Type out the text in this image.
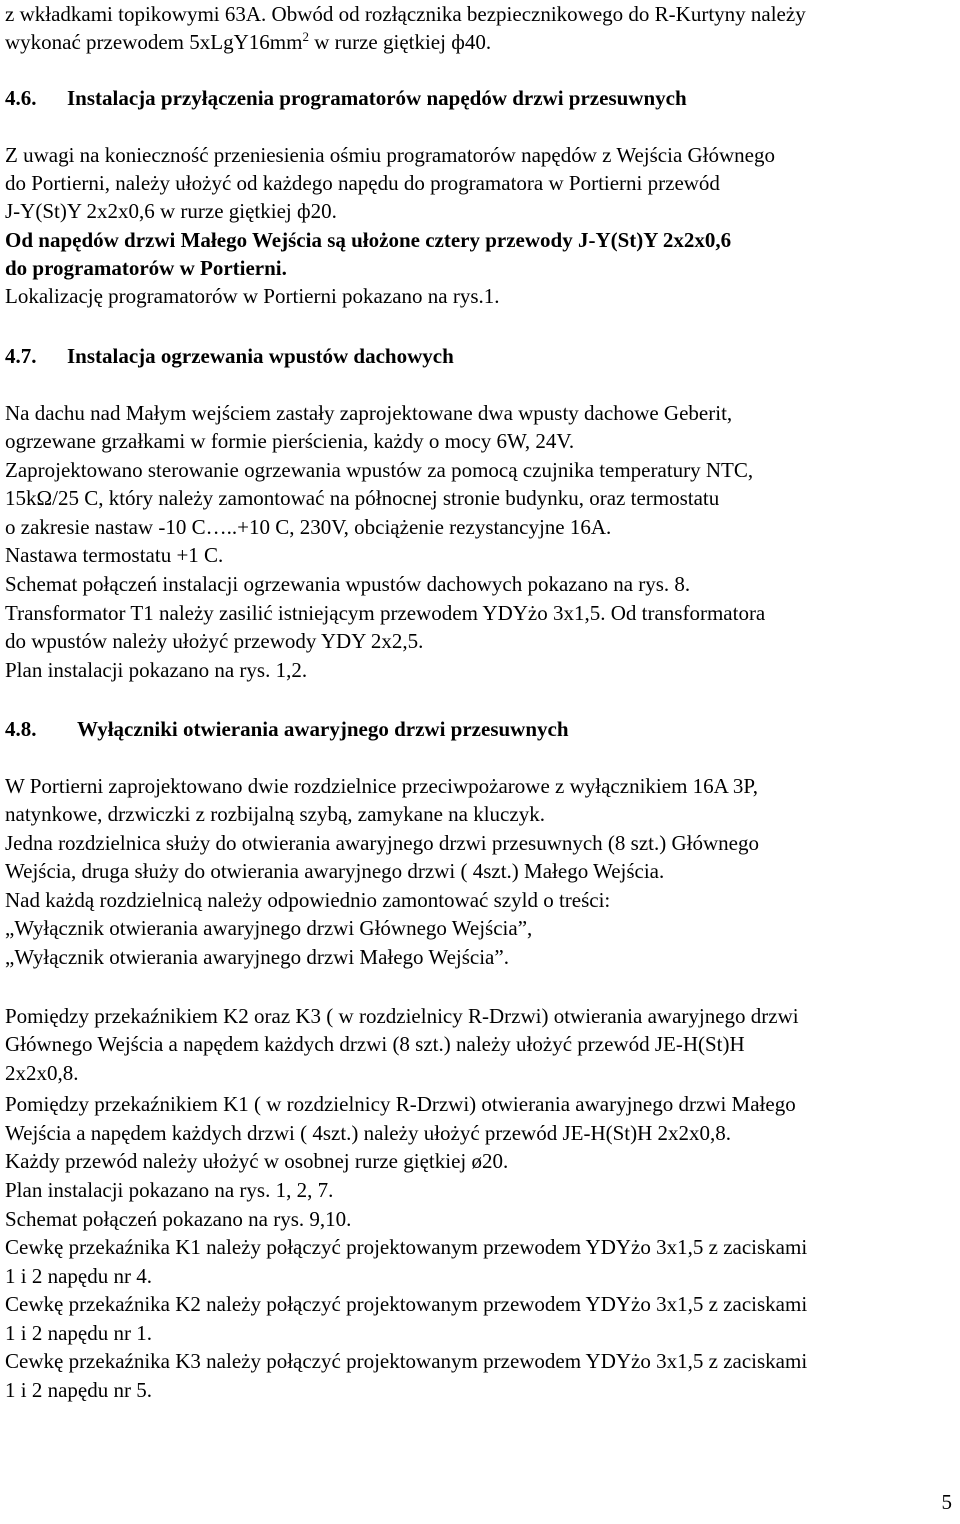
z wkładkami topikowymi 63A. Obwód od rozłącznika bezpiecznikowego do R-Kurtyny należy
wykonać przewodem $5xLgY16mm^2$ w rurze giętkiej ф40.
4.6. Instalacja przyłączenia programatorów napędów drzwi przesuwnych
Z uwagi na konieczność przeniesienia ośmiu programatorów napędów z Wejścia Głównego
do Portierni, należy ułożyć od każdego napędu do programatora w Portierni przewód
J-Y(St)Y 2x2x0,6 w rurze giętkiej ф20.
Od napędów drzwi Małego Wejścia są ułożone cztery przewody J-Y(St)Y 2x2x0,6
do programatorów w Portierni.
Lokalizację programatorów w Portierni pokazano na rys.1.
4.7. Instalacja ogrzewania wpustów dachowych
Na dachu nad Małym wejściem zastały zaprojektowane dwa wpusty dachowe Geberit,
ogrzewane grzałkami w formie pierścienia, każdy o mocy 6W, 24V.
Zaprojektowano sterowanie ogrzewania wpustów za pomocą czujnika temperatury NTC,
15kΩ/25 C, który należy zamontować na północnej stronie budynku, oraz termostatu
o zakresie nastaw -10 C…..+10 C, 230V, obciążenie rezystancyjne 16A.
Nastawa termostatu +1 C.
Schemat połączeń instalacji ogrzewania wpustów dachowych pokazano na rys. 8.
Transformator T1 należy zasilić istniejącym przewodem YDYżo 3x1,5. Od transformatora
do wpustów należy ułożyć przewody YDY 2x2,5.
Plan instalacji pokazano na rys. 1,2.
4.8. Wyłączniki otwierania awaryjnego drzwi przesuwnych
W Portierni zaprojektowano dwie rozdzielnice przeciwpożarowe z wyłącznikiem 16A 3P,
natynkowe, drzwiczki z rozbijalną szybą, zamykane na kluczyk.
Jedna rozdzielnica służy do otwierania awaryjnego drzwi przesuwnych (8 szt.) Głównego
Wejścia, druga służy do otwierania awaryjnego drzwi ( 4szt.) Małego Wejścia.
Nad każdą rozdzielnicą należy odpowiednio zamontować szyld o treści:
„Wyłącznik otwierania awaryjnego drzwi Głównego Wejścia”,
„Wyłącznik otwierania awaryjnego drzwi Małego Wejścia”.
Pomiędzy przekaźnikiem K2 oraz K3 ( w rozdzielnicy R-Drzwi) otwierania awaryjnego drzwi
Głównego Wejścia a napędem każdych drzwi (8 szt.) należy ułożyć przewód JE-H(St)H
2x2x0,8.
Pomiędzy przekaźnikiem K1 ( w rozdzielnicy R-Drzwi) otwierania awaryjnego drzwi Małego
Wejścia a napędem każdych drzwi ( 4szt.) należy ułożyć przewód JE-H(St)H 2x2x0,8.
Każdy przewód należy ułożyć w osobnej rurze giętkiej ø20.
Plan instalacji pokazano na rys. 1, 2, 7.
Schemat połączeń pokazano na rys. 9,10.
Cewkę przekaźnika K1 należy połączyć projektowanym przewodem YDYżo 3x1,5 z zaciskami
1 i 2 napędu nr 4.
Cewkę przekaźnika K2 należy połączyć projektowanym przewodem YDYżo 3x1,5 z zaciskami
1 i 2 napędu nr 1.
Cewkę przekaźnika K3 należy połączyć projektowanym przewodem YDYżo 3x1,5 z zaciskami
1 i 2 napędu nr 5.
5
